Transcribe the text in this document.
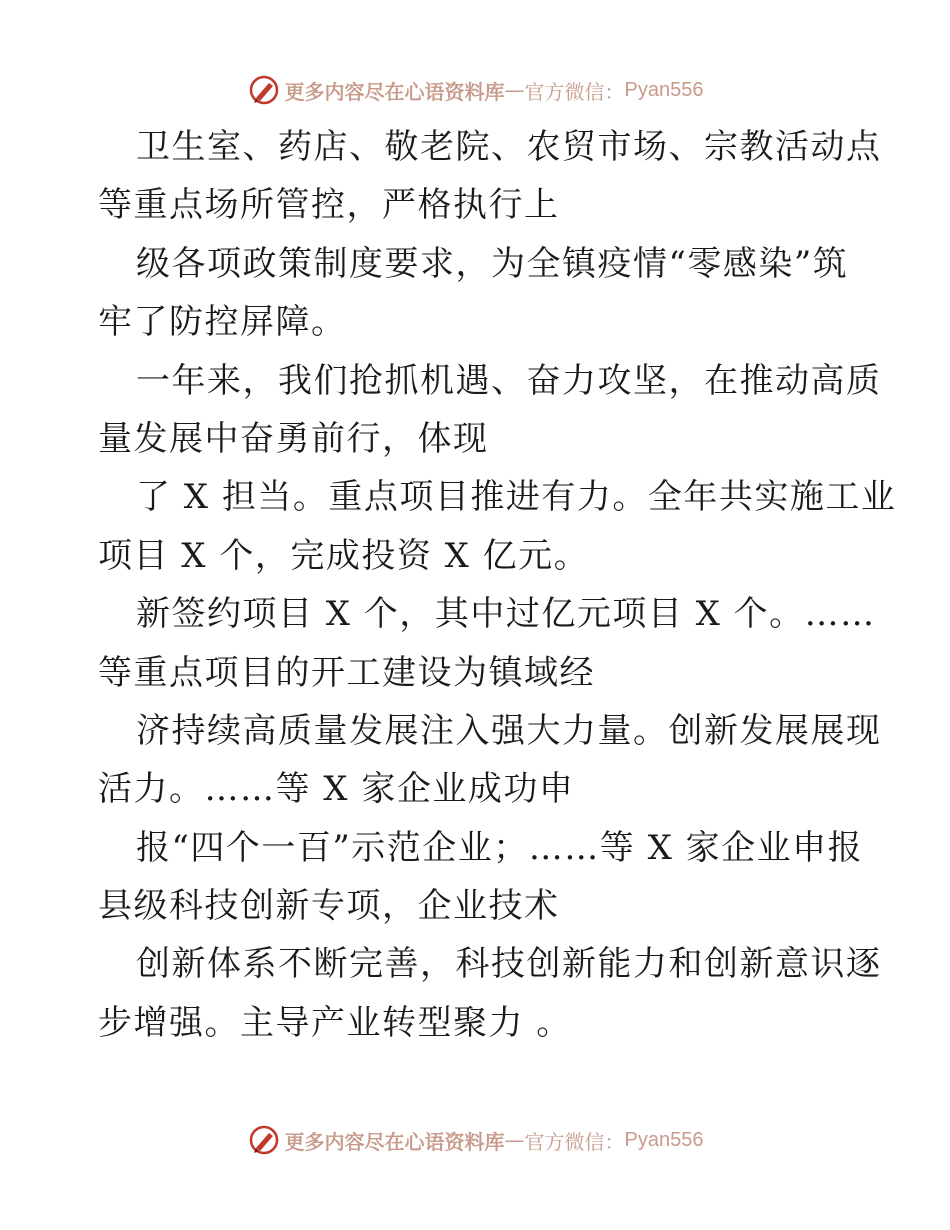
更多内容尽在心语资料库 — 官方微信： Pyan556
卫生室、药店、敬老院、农贸市场、宗教活动点
等重点场所管控，严格执行上
级各项政策制度要求，为全镇疫情“零感染”筑
牢了防控屏障。
一年来，我们抢抓机遇、奋力攻坚，在推动高质
量发展中奋勇前行，体现
了 X 担当。重点项目推进有力。全年共实施工业
项目 X 个，完成投资 X 亿元。
新签约项目 X 个，其中过亿元项目 X 个。……
等重点项目的开工建设为镇域经
济持续高质量发展注入强大力量。创新发展展现
活力。……等 X 家企业成功申
报“四个一百”示范企业；……等 X 家企业申报
县级科技创新专项，企业技术
创新体系不断完善，科技创新能力和创新意识逐
步增强。主导产业转型聚力 。
更多内容尽在心语资料库 — 官方微信： Pyan556
